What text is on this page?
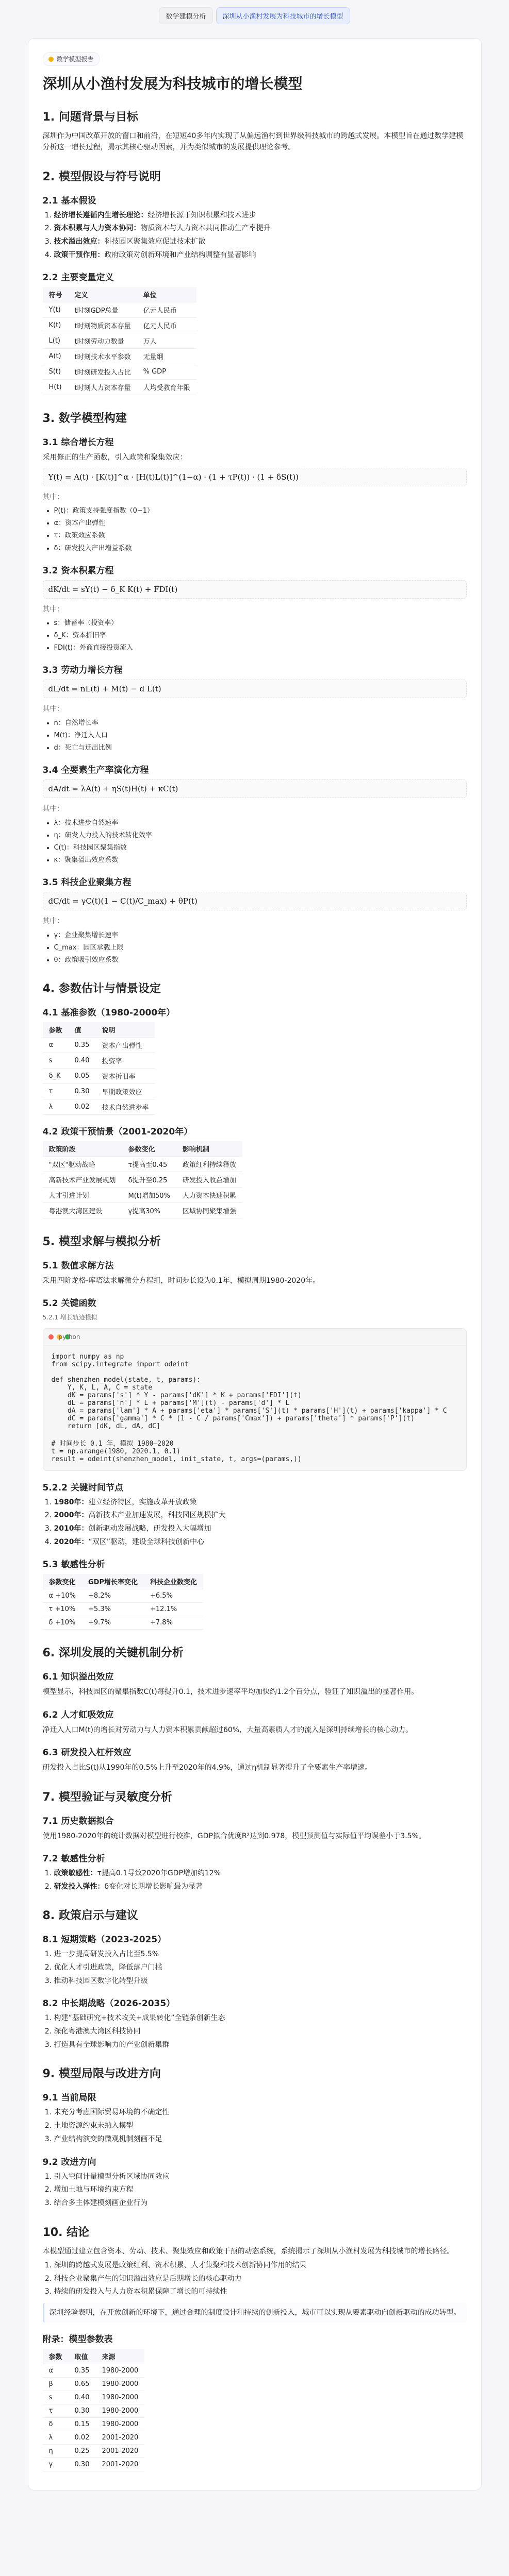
数学建模分析	深圳从小渔村发展为科技城市的增长模型
数学模型报告
深圳从小渔村发展为科技城市的增长模型
1. 问题背景与目标

深圳作为中国改革开放的窗口和前沿，在短短40多年内实现了从偏远渔村到世界级科技城市的跨越式发展。本模型旨在通过数学建模分析这一增长过程，揭示其核心驱动因素，并为类似城市的发展提供理论参考。

2. 模型假设与符号说明
2.1 基本假设
1. 经济增长遵循内生增长理论：经济增长源于知识积累和技术进步
2. 资本积累与人力资本协同：物质资本与人力资本共同推动生产率提升
3. 技术溢出效应：科技园区聚集效应促进技术扩散
4. 政策干预作用：政府政策对创新环境和产业结构调整有显著影响
2.2 主要变量定义
符号	定义	单位
Y(t)	t时刻GDP总量	亿元人民币
K(t)	t时刻物质资本存量	亿元人民币
L(t)	t时刻劳动力数量	万人
A(t)	t时刻技术水平参数	无量纲
S(t)	t时刻研发投入占比	% GDP
H(t)	t时刻人力资本存量	人均受教育年限
3. 数学模型构建
3.1 综合增长方程

采用修正的生产函数，引入政策和聚集效应：

Y(t) = A(t) · [K(t)]^α · [H(t)L(t)]^(1−α) · (1 + τP(t)) · (1 + δS(t))

其中：

• P(t)：政策支持强度指数（0−1）
• α：资本产出弹性
• τ：政策效应系数
• δ：研发投入产出增益系数
3.2 资本积累方程
dK/dt = sY(t) − δ_K K(t) + FDI(t)

其中：

• s：储蓄率（投资率）
• δ_K：资本折旧率
• FDI(t)：外商直接投资流入
3.3 劳动力增长方程
dL/dt = nL(t) + M(t) − d L(t)

其中：

• n：自然增长率
• M(t)：净迁入人口
• d：死亡与迁出比例
3.4 全要素生产率演化方程
dA/dt = λA(t) + ηS(t)H(t) + κC(t)

其中：

• λ：技术进步自然速率
• η：研发人力投入的技术转化效率
• C(t)：科技园区聚集指数
• κ：聚集溢出效应系数
3.5 科技企业聚集方程
dC/dt = γC(t)(1 − C(t)/C_max) + θP(t)

其中：

• γ：企业聚集增长速率
• C_max：园区承载上限
• θ：政策吸引效应系数
4. 参数估计与情景设定
4.1 基准参数（1980-2000年）
参数	值	说明
α	0.35	资本产出弹性
s	0.40	投资率
δ_K	0.05	资本折旧率
τ	0.30	早期政策效应
λ	0.02	技术自然进步率
4.2 政策干预情景（2001-2020年）
政策阶段	参数变化	影响机制
"双区"驱动战略	τ提高至0.45	政策红利持续释放
高新技术产业发展规划	δ提升至0.25	研发投入收益增加
人才引进计划	M(t)增加50%	人力资本快速积累
粤港澳大湾区建设	γ提高30%	区域协同聚集增强
5. 模型求解与模拟分析
5.1 数值求解方法

采用四阶龙格-库塔法求解微分方程组，时间步长设为0.1年，模拟周期1980-2020年。

5.2 关键函数

5.2.1 增长轨迹模拟

python
import numpy as np
from scipy.integrate import odeint

def shenzhen_model(state, t, params):
Y, K, L, A, C = state
dK = params['s'] * Y - params['dK'] * K + params['FDI'](t)
dL = params['n'] * L + params['M'](t) - params['d'] * L
dA = params['lam'] * A + params['eta'] * params['S'](t) * params['H'](t) + params['kappa'] * C
dC = params['gamma'] * C * (1 - C / params['Cmax']) + params['theta'] * params['P'](t)
return [dK, dL, dA, dC]

# 时间步长 0.1 年，模拟 1980–2020
t = np.arange(1980, 2020.1, 0.1)
result = odeint(shenzhen_model, init_state, t, args=(params,))
5.2.2 关键时间节点
1. 1980年：建立经济特区，实施改革开放政策
2. 2000年：高新技术产业加速发展，科技园区规模扩大
3. 2010年：创新驱动发展战略，研发投入大幅增加
4. 2020年：“双区”驱动，建设全球科技创新中心
5.3 敏感性分析
参数变化	GDP增长率变化	科技企业数变化
α +10%	+8.2%	+6.5%
τ +10%	+5.3%	+12.1%
δ +10%	+9.7%	+7.8%
6. 深圳发展的关键机制分析
6.1 知识溢出效应

模型显示，科技园区的聚集指数C(t)每提升0.1，技术进步速率平均加快约1.2个百分点，验证了知识溢出的显著作用。

6.2 人才虹吸效应

净迁入人口M(t)的增长对劳动力与人力资本积累贡献超过60%，大量高素质人才的流入是深圳持续增长的核心动力。

6.3 研发投入杠杆效应

研发投入占比S(t)从1990年的0.5%上升至2020年的4.9%，通过η机制显著提升了全要素生产率增速。

7. 模型验证与灵敏度分析
7.1 历史数据拟合

使用1980-2020年的统计数据对模型进行校准，GDP拟合优度R²达到0.978，模型预测值与实际值平均误差小于3.5%。

7.2 敏感性分析
1. 政策敏感性：τ提高0.1导致2020年GDP增加约12%
2. 研发投入弹性：δ变化对长期增长影响最为显著
8. 政策启示与建议
8.1 短期策略（2023-2025）
1. 进一步提高研发投入占比至5.5%
2. 优化人才引进政策，降低落户门槛
3. 推动科技园区数字化转型升级
8.2 中长期战略（2026-2035）
1. 构建“基础研究+技术攻关+成果转化”全链条创新生态
2. 深化粤港澳大湾区科技协同
3. 打造具有全球影响力的产业创新集群
9. 模型局限与改进方向
9.1 当前局限
1. 未充分考虑国际贸易环境的不确定性
2. 土地资源约束未纳入模型
3. 产业结构演变的微观机制刻画不足
9.2 改进方向
1. 引入空间计量模型分析区域协同效应
2. 增加土地与环境约束方程
3. 结合多主体建模刻画企业行为
10. 结论

本模型通过建立包含资本、劳动、技术、聚集效应和政策干预的动态系统，系统揭示了深圳从小渔村发展为科技城市的增长路径。

1. 深圳的跨越式发展是政策红利、资本积累、人才集聚和技术创新协同作用的结果
2. 科技企业聚集产生的知识溢出效应是后期增长的核心驱动力
3. 持续的研发投入与人力资本积累保障了增长的可持续性

深圳经验表明，在开放创新的环境下，通过合理的制度设计和持续的创新投入，城市可以实现从要素驱动向创新驱动的成功转型。

附录：模型参数表
参数	取值	来源
α	0.35	1980-2000
β	0.65	1980-2000
s	0.40	1980-2000
τ	0.30	1980-2000
δ	0.15	1980-2000
λ	0.02	2001-2020
η	0.25	2001-2020
γ	0.30	2001-2020
